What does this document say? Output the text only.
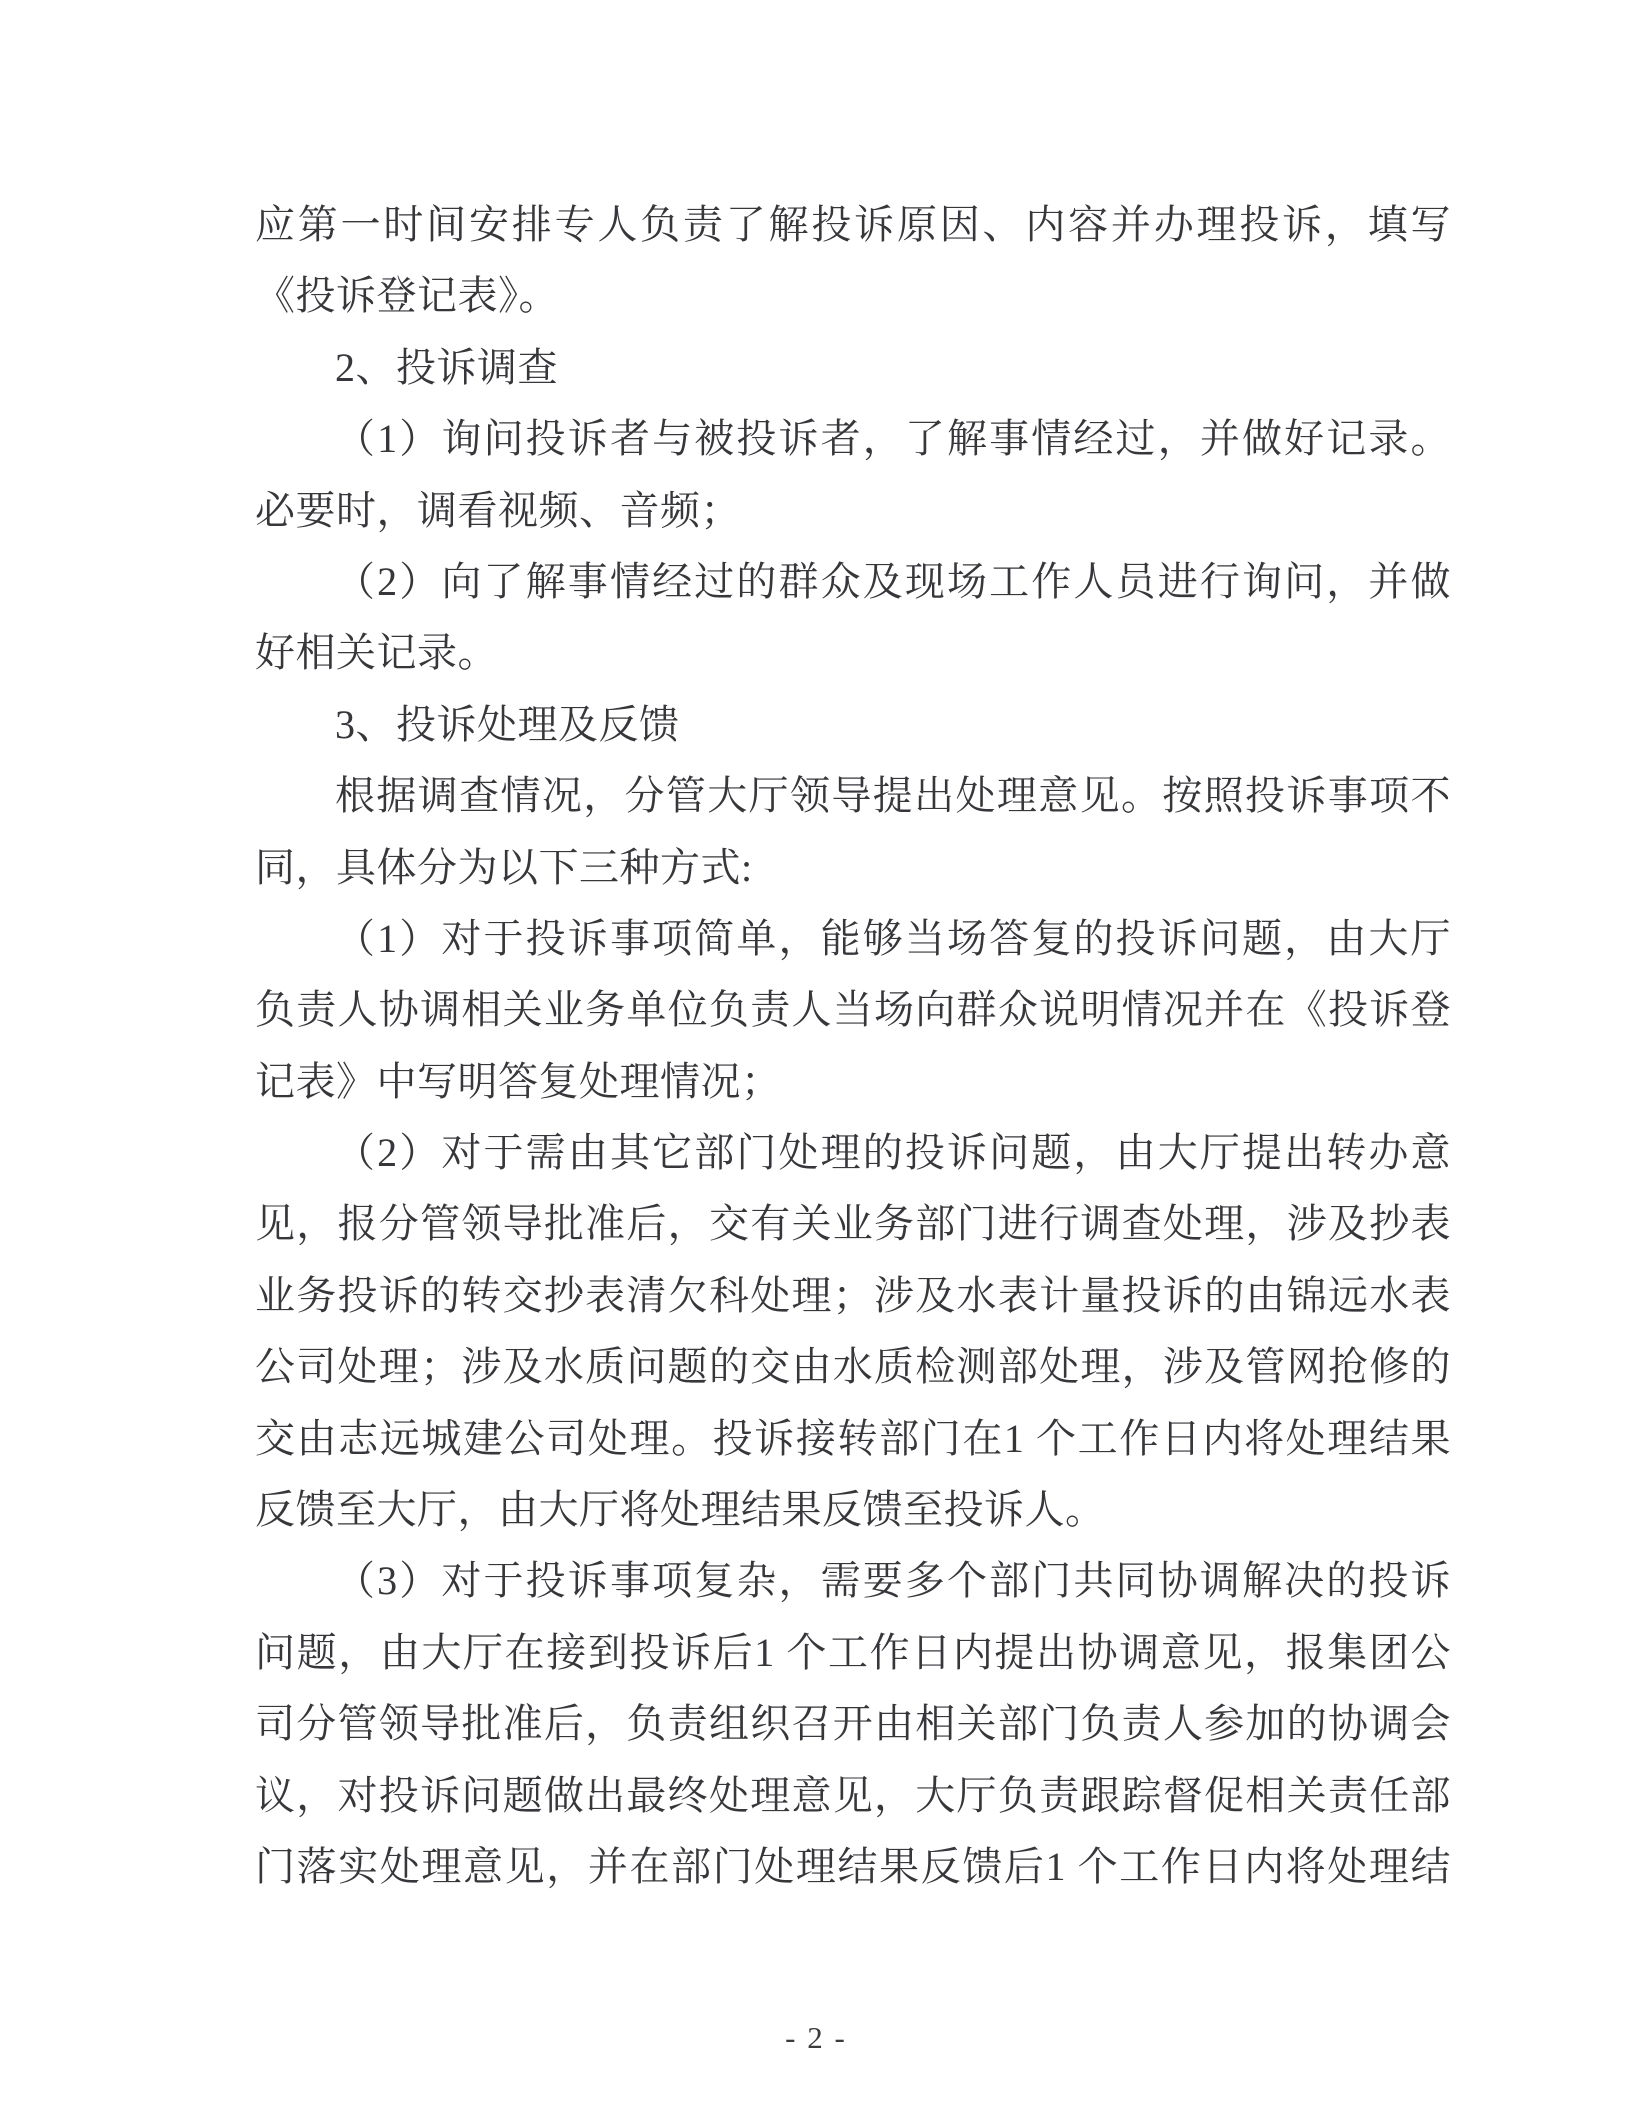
应第一时间安排专人负责了解投诉原因、内容并办理投诉，填写
《投诉登记表》。
2、投诉调查
（1）询问投诉者与被投诉者，了解事情经过，并做好记录。
必要时，调看视频、音频；
（2）向了解事情经过的群众及现场工作人员进行询问，并做
好相关记录。
3、投诉处理及反馈
根据调查情况，分管大厅领导提出处理意见。按照投诉事项不
同，具体分为以下三种方式:
（1）对于投诉事项简单，能够当场答复的投诉问题，由大厅
负责人协调相关业务单位负责人当场向群众说明情况并在《投诉登
记表》中写明答复处理情况；
（2）对于需由其它部门处理的投诉问题，由大厅提出转办意
见，报分管领导批准后，交有关业务部门进行调查处理，涉及抄表
业务投诉的转交抄表清欠科处理；涉及水表计量投诉的由锦远水表
公司处理；涉及水质问题的交由水质检测部处理，涉及管网抢修的
交由志远城建公司处理。投诉接转部门在1 个工作日内将处理结果
反馈至大厅，由大厅将处理结果反馈至投诉人。
（3）对于投诉事项复杂，需要多个部门共同协调解决的投诉
问题，由大厅在接到投诉后1 个工作日内提出协调意见，报集团公
司分管领导批准后，负责组织召开由相关部门负责人参加的协调会
议，对投诉问题做出最终处理意见，大厅负责跟踪督促相关责任部
门落实处理意见，并在部门处理结果反馈后1 个工作日内将处理结
- 2 -
